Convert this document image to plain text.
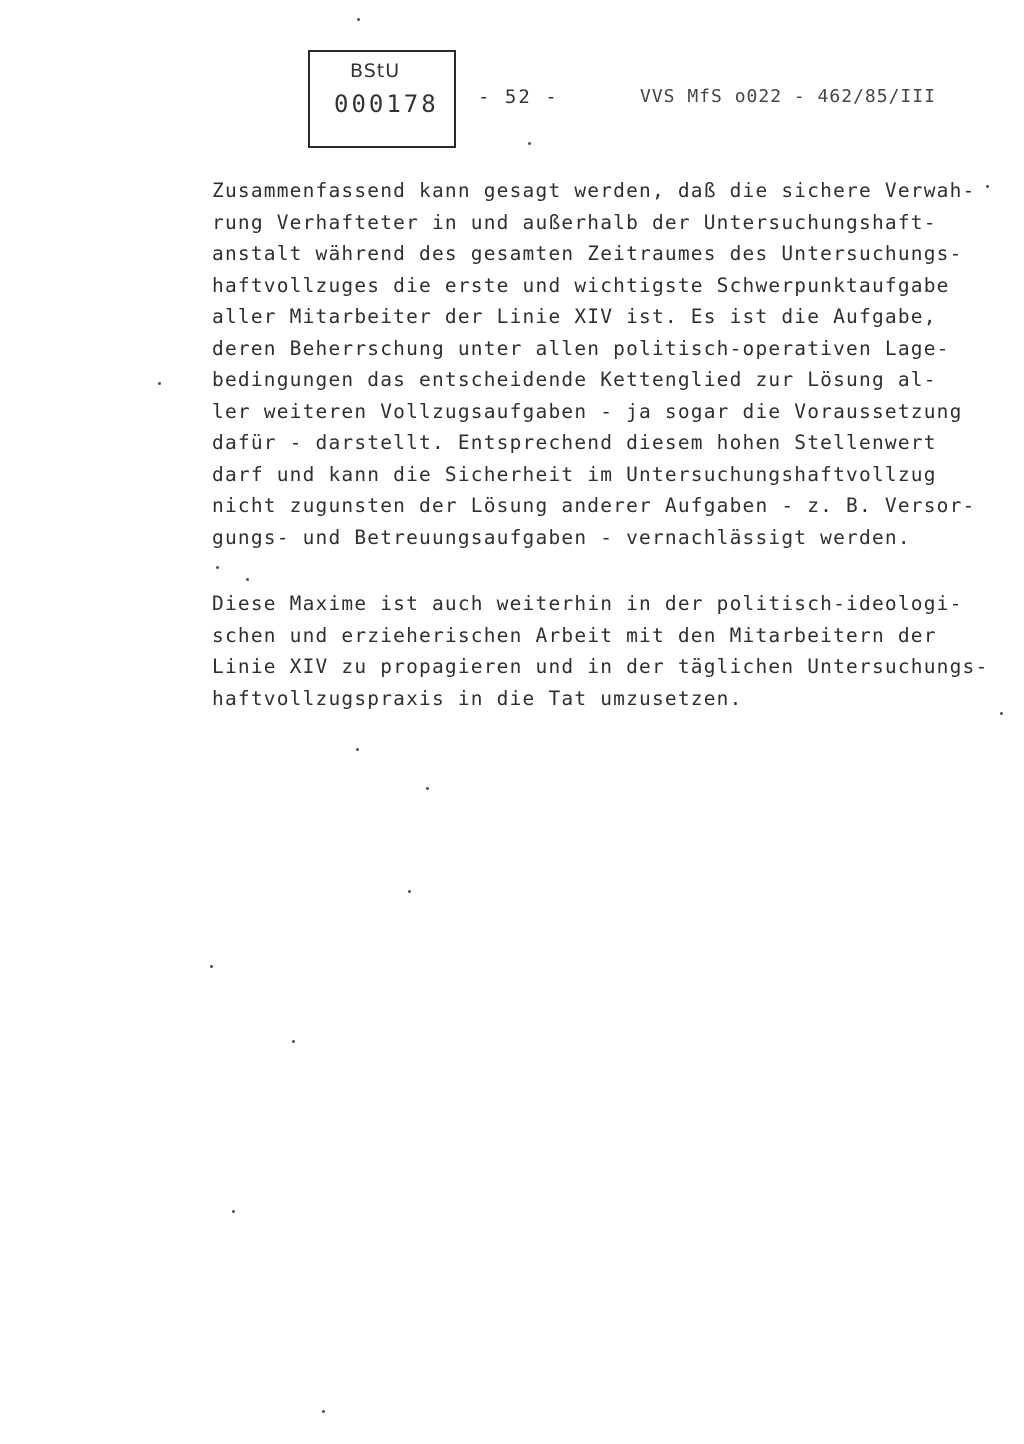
BStU
000178 - 52 -	VVS MfS o022 - 462/85/III
Zusammenfassend kann gesagt werden, daß die sichere Verwah-
rung Verhafteter in und außerhalb der Untersuchungshaft-
anstalt während des gesamten Zeitraumes des Untersuchungs-
haftvollzuges die erste und wichtigste Schwerpunktaufgabe
aller Mitarbeiter der Linie XIV ist. Es ist die Aufgabe,
deren Beherrschung unter allen politisch-operativen Lage-
bedingungen das entscheidende Kettenglied zur Lösung al-
ler weiteren Vollzugsaufgaben - ja sogar die Voraussetzung
dafür - darstellt. Entsprechend diesem hohen Stellenwert
darf und kann die Sicherheit im Untersuchungshaftvollzug
nicht zugunsten der Lösung anderer Aufgaben - z. B. Versor-
gungs- und Betreuungsaufgaben - vernachlässigt werden.
Diese Maxime ist auch weiterhin in der politisch-ideologi-
schen und erzieherischen Arbeit mit den Mitarbeitern der
Linie XIV zu propagieren und in der täglichen Untersuchungs-
haftvollzugspraxis in die Tat umzusetzen.
